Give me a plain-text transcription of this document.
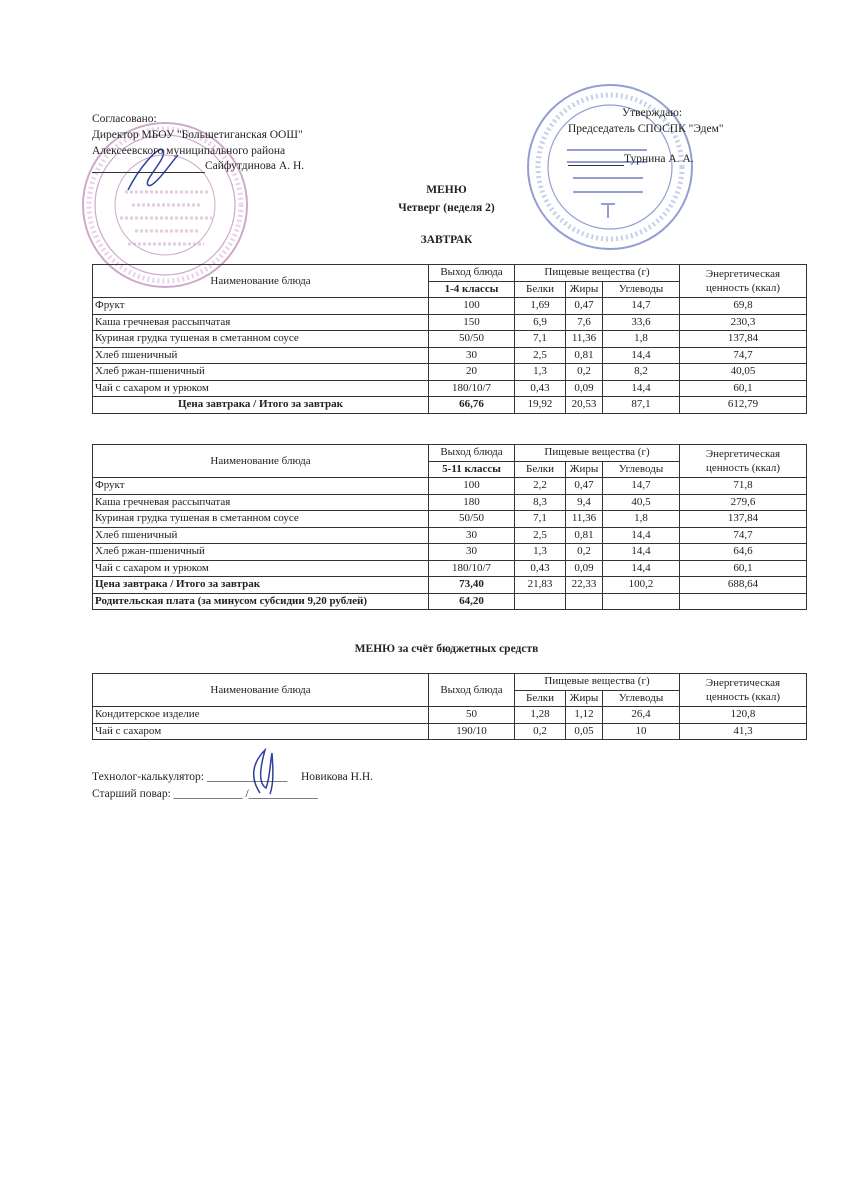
Согласовано:
Директор МБОУ "Большетиганская ООШ"
Алексеевского муниципального района
Сайфутдинова А. Н.
Утверждаю:
Председатель СПОСПК "Эдем"
Турнина А. А.
МЕНЮ
Четверг (неделя 2)
ЗАВТРАК
Наименование блюда	Выход блюда	Пищевые вещества (г)			Энергетическая
ценность (ккал)
	1-4 классы	Белки	Жиры	Углеводы	
Фрукт	100	1,69	0,47	14,7	69,8
Каша гречневая рассыпчатая	150	6,9	7,6	33,6	230,3
Куриная грудка тушеная в сметанном соусе	50/50	7,1	11,36	1,8	137,84
Хлеб пшеничный	30	2,5	0,81	14,4	74,7
Хлеб ржан-пшеничный	20	1,3	0,2	8,2	40,05
Чай с сахаром и урюком	180/10/7	0,43	0,09	14,4	60,1
Цена завтрака / Итого за завтрак	66,76	19,92	20,53	87,1	612,79
Наименование блюда	Выход блюда	Пищевые вещества (г)			Энергетическая
ценность (ккал)
	5-11 классы	Белки	Жиры	Углеводы	
Фрукт	100	2,2	0,47	14,7	71,8
Каша гречневая рассыпчатая	180	8,3	9,4	40,5	279,6
Куриная грудка тушеная в сметанном соусе	50/50	7,1	11,36	1,8	137,84
Хлеб пшеничный	30	2,5	0,81	14,4	74,7
Хлеб ржан-пшеничный	30	1,3	0,2	14,4	64,6
Чай с сахаром и урюком	180/10/7	0,43	0,09	14,4	60,1
Цена завтрака / Итого за завтрак	73,40	21,83	22,33	100,2	688,64
Родительская плата (за минусом субсидии 9,20 рублей)	64,20				
МЕНЮ за счёт бюджетных средств
Наименование блюда	Выход блюда	Пищевые вещества (г)			Энергетическая
ценность (ккал)
		Белки	Жиры	Углеводы	
Кондитерское изделие	50	1,28	1,12	26,4	120,8
Чай с сахаром	190/10	0,2	0,05	10	41,3
Технолог-калькулятор: ______________ Новикова Н.Н.
Старший повар: ____________ /____________
